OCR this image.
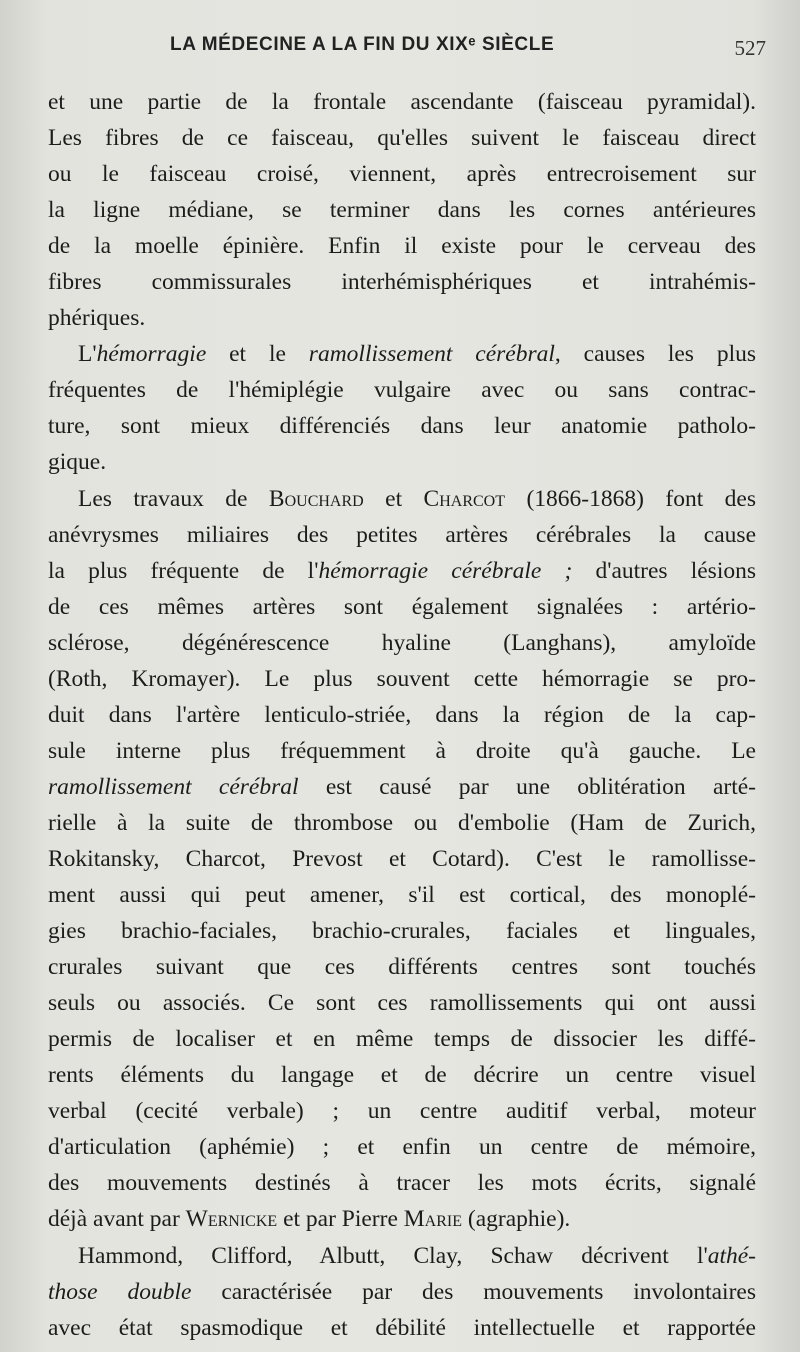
LA MÉDECINE A LA FIN DU XIXᵉ SIÈCLE	527

et une partie de la frontale ascendante (faisceau pyramidal).
Les fibres de ce faisceau, qu'elles suivent le faisceau direct
ou le faisceau croisé, viennent, après entrecroisement sur
la ligne médiane, se terminer dans les cornes antérieures
de la moelle épinière. Enfin il existe pour le cerveau des
fibres commissurales interhémisphériques et intrahémis-
phériques.

L'hémorragie et le ramollissement cérébral, causes les plus
fréquentes de l'hémiplégie vulgaire avec ou sans contrac-
ture, sont mieux différenciés dans leur anatomie patholo-
gique.

Les travaux de Bouchard et Charcot (1866-1868) font des
anévrysmes miliaires des petites artères cérébrales la cause
la plus fréquente de l'hémorragie cérébrale ; d'autres lésions
de ces mêmes artères sont également signalées : artério-
sclérose, dégénérescence hyaline (Langhans), amyloïde
(Roth, Kromayer). Le plus souvent cette hémorragie se pro-
duit dans l'artère lenticulo-striée, dans la région de la cap-
sule interne plus fréquemment à droite qu'à gauche. Le
ramollissement cérébral est causé par une oblitération arté-
rielle à la suite de thrombose ou d'embolie (Ham de Zurich,
Rokitansky, Charcot, Prevost et Cotard). C'est le ramollisse-
ment aussi qui peut amener, s'il est cortical, des monoplé-
gies brachio-faciales, brachio-crurales, faciales et linguales,
crurales suivant que ces différents centres sont touchés
seuls ou associés. Ce sont ces ramollissements qui ont aussi
permis de localiser et en même temps de dissocier les diffé-
rents éléments du langage et de décrire un centre visuel
verbal (cecité verbale) ; un centre auditif verbal, moteur
d'articulation (aphémie) ; et enfin un centre de mémoire,
des mouvements destinés à tracer les mots écrits, signalé
déjà avant par Wernicke et par Pierre Marie (agraphie).

Hammond, Clifford, Albutt, Clay, Schaw décrivent l'athé-
those double caractérisée par des mouvements involontaires
avec état spasmodique et débilité intellectuelle et rapportée
